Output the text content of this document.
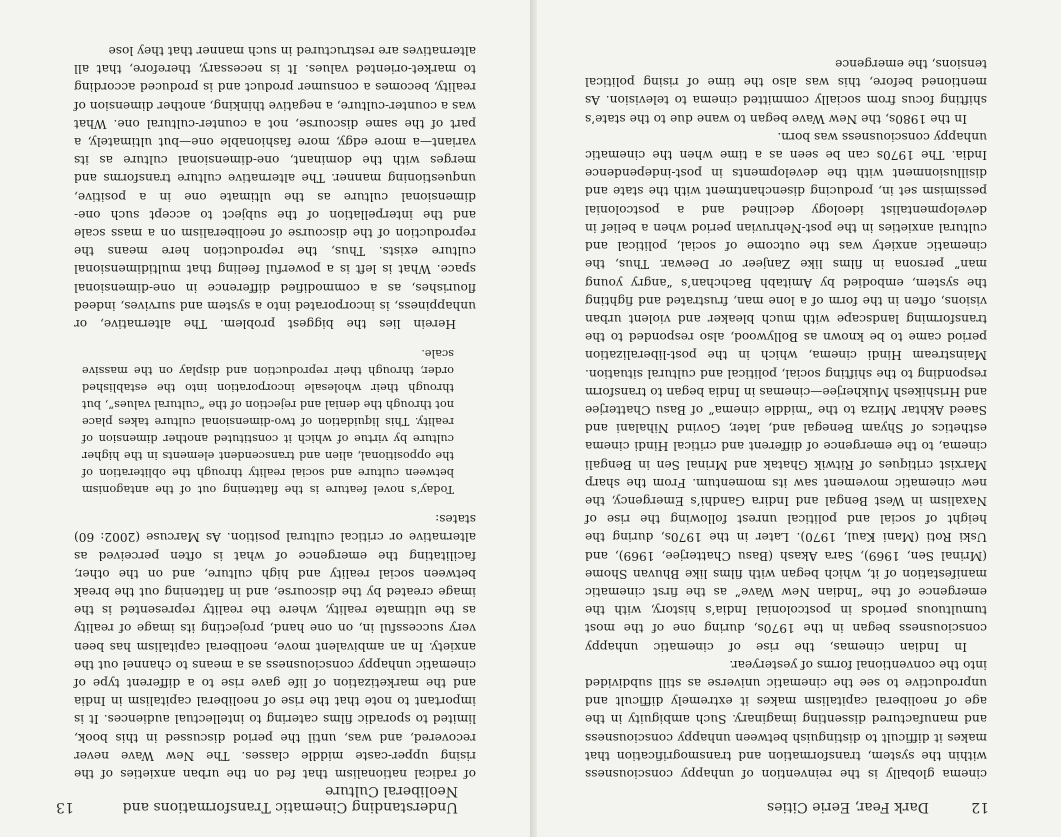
12
Dark Fear, Eerie Cities

cinema globally is the reinvention of unhappy consciousness within the system, transformation and transmogrification that makes it difficult to distinguish between unhappy consciousness and manufactured dissenting imaginary. Such ambiguity in the age of neoliberal capitalism makes it extremely difficult and unproductive to see the cinematic universe as still subdivided into the conventional forms of yesteryear.

In Indian cinemas, the rise of cinematic unhappy consciousness began in the 1970s, during one of the most tumultuous periods in postcolonial India’s history, with the emergence of the “Indian New Wave” as the first cinematic manifestation of it, which began with films like Bhuvan Shome (Mrinal Sen, 1969), Sara Akash (Basu Chatterjee, 1969), and Uski Roti (Mani Kaul, 1970). Later in the 1970s, during the height of social and political unrest following the rise of Naxalism in West Bengal and Indira Gandhi’s Emergency, the new cinematic movement saw its momentum. From the sharp Marxist critiques of Ritwik Ghatak and Mrinal Sen in Bengali cinema, to the emergence of different and critical Hindi cinema esthetics of Shyam Benegal and, later, Govind Nihalani and Saeed Akhtar Mirza to the “middle cinema” of Basu Chatterjee and Hrishikesh Mukherjee—cinemas in India began to transform responding to the shifting social, political and cultural situation. Mainstream Hindi cinema, which in the post-liberalization period came to be known as Bollywood, also responded to the transforming landscape with much bleaker and violent urban visions, often in the form of a lone man, frustrated and fighting the system, embodied by Amitabh Bachchan’s “angry young man” persona in films like Zanjeer or Deewar. Thus, the cinematic anxiety was the outcome of social, political and cultural anxieties in the post-Nehruvian period when a belief in developmentalist ideology declined and a postcolonial pessimism set in, producing disenchantment with the state and disillusionment with the developments in post-independence India. The 1970s can be seen as a time when the cinematic unhappy consciousness was born.

In the 1980s, the New Wave began to wane due to the state’s shifting focus from socially committed cinema to television. As mentioned before, this was also the time of rising political tensions, the emergence

Understanding Cinematic Transformations and Neoliberal Culture
13

of radical nationalism that fed on the urban anxieties of the rising upper-caste middle classes. The New Wave never recovered, and was, until the period discussed in this book, limited to sporadic films catering to intellectual audiences. It is important to note that the rise of neoliberal capitalism in India and the marketization of life gave rise to a different type of cinematic unhappy consciousness as a means to channel out the anxiety. In an ambivalent move, neoliberal capitalism has been very successful in, on one hand, projecting its image of reality as the ultimate reality, where the reality represented is the image created by the discourse, and in flattening out the break between social reality and high culture, and on the other, facilitating the emergence of what is often perceived as alternative or critical cultural position. As Marcuse (2002: 60) states:

Today’s novel feature is the flattening out of the antagonism between culture and social reality through the obliteration of the oppositional, alien and transcendent elements in the higher culture by virtue of which it constituted another dimension of reality. This liquidation of two-dimensional culture takes place not through the denial and rejection of the “cultural values”, but through their wholesale incorporation into the established order, through their reproduction and display on the massive scale.

Herein lies the biggest problem. The alternative, or unhappiness, is incorporated into a system and survives, indeed flourishes, as a commodified difference in one-dimensional space. What is left is a powerful feeling that multidimensional culture exists. Thus, the reproduction here means the reproduction of the discourse of neoliberalism on a mass scale and the interpellation of the subject to accept such one-dimensional culture as the ultimate one in a positive, unquestioning manner. The alternative culture transforms and merges with the dominant, one-dimensional culture as its variant—a more edgy, more fashionable one—but ultimately, a part of the same discourse, not a counter-cultural one. What was a counter-culture, a negative thinking, another dimension of reality, becomes a consumer product and is produced according to market-oriented values. It is necessary, therefore, that all alternatives are restructured in such manner that they lose
